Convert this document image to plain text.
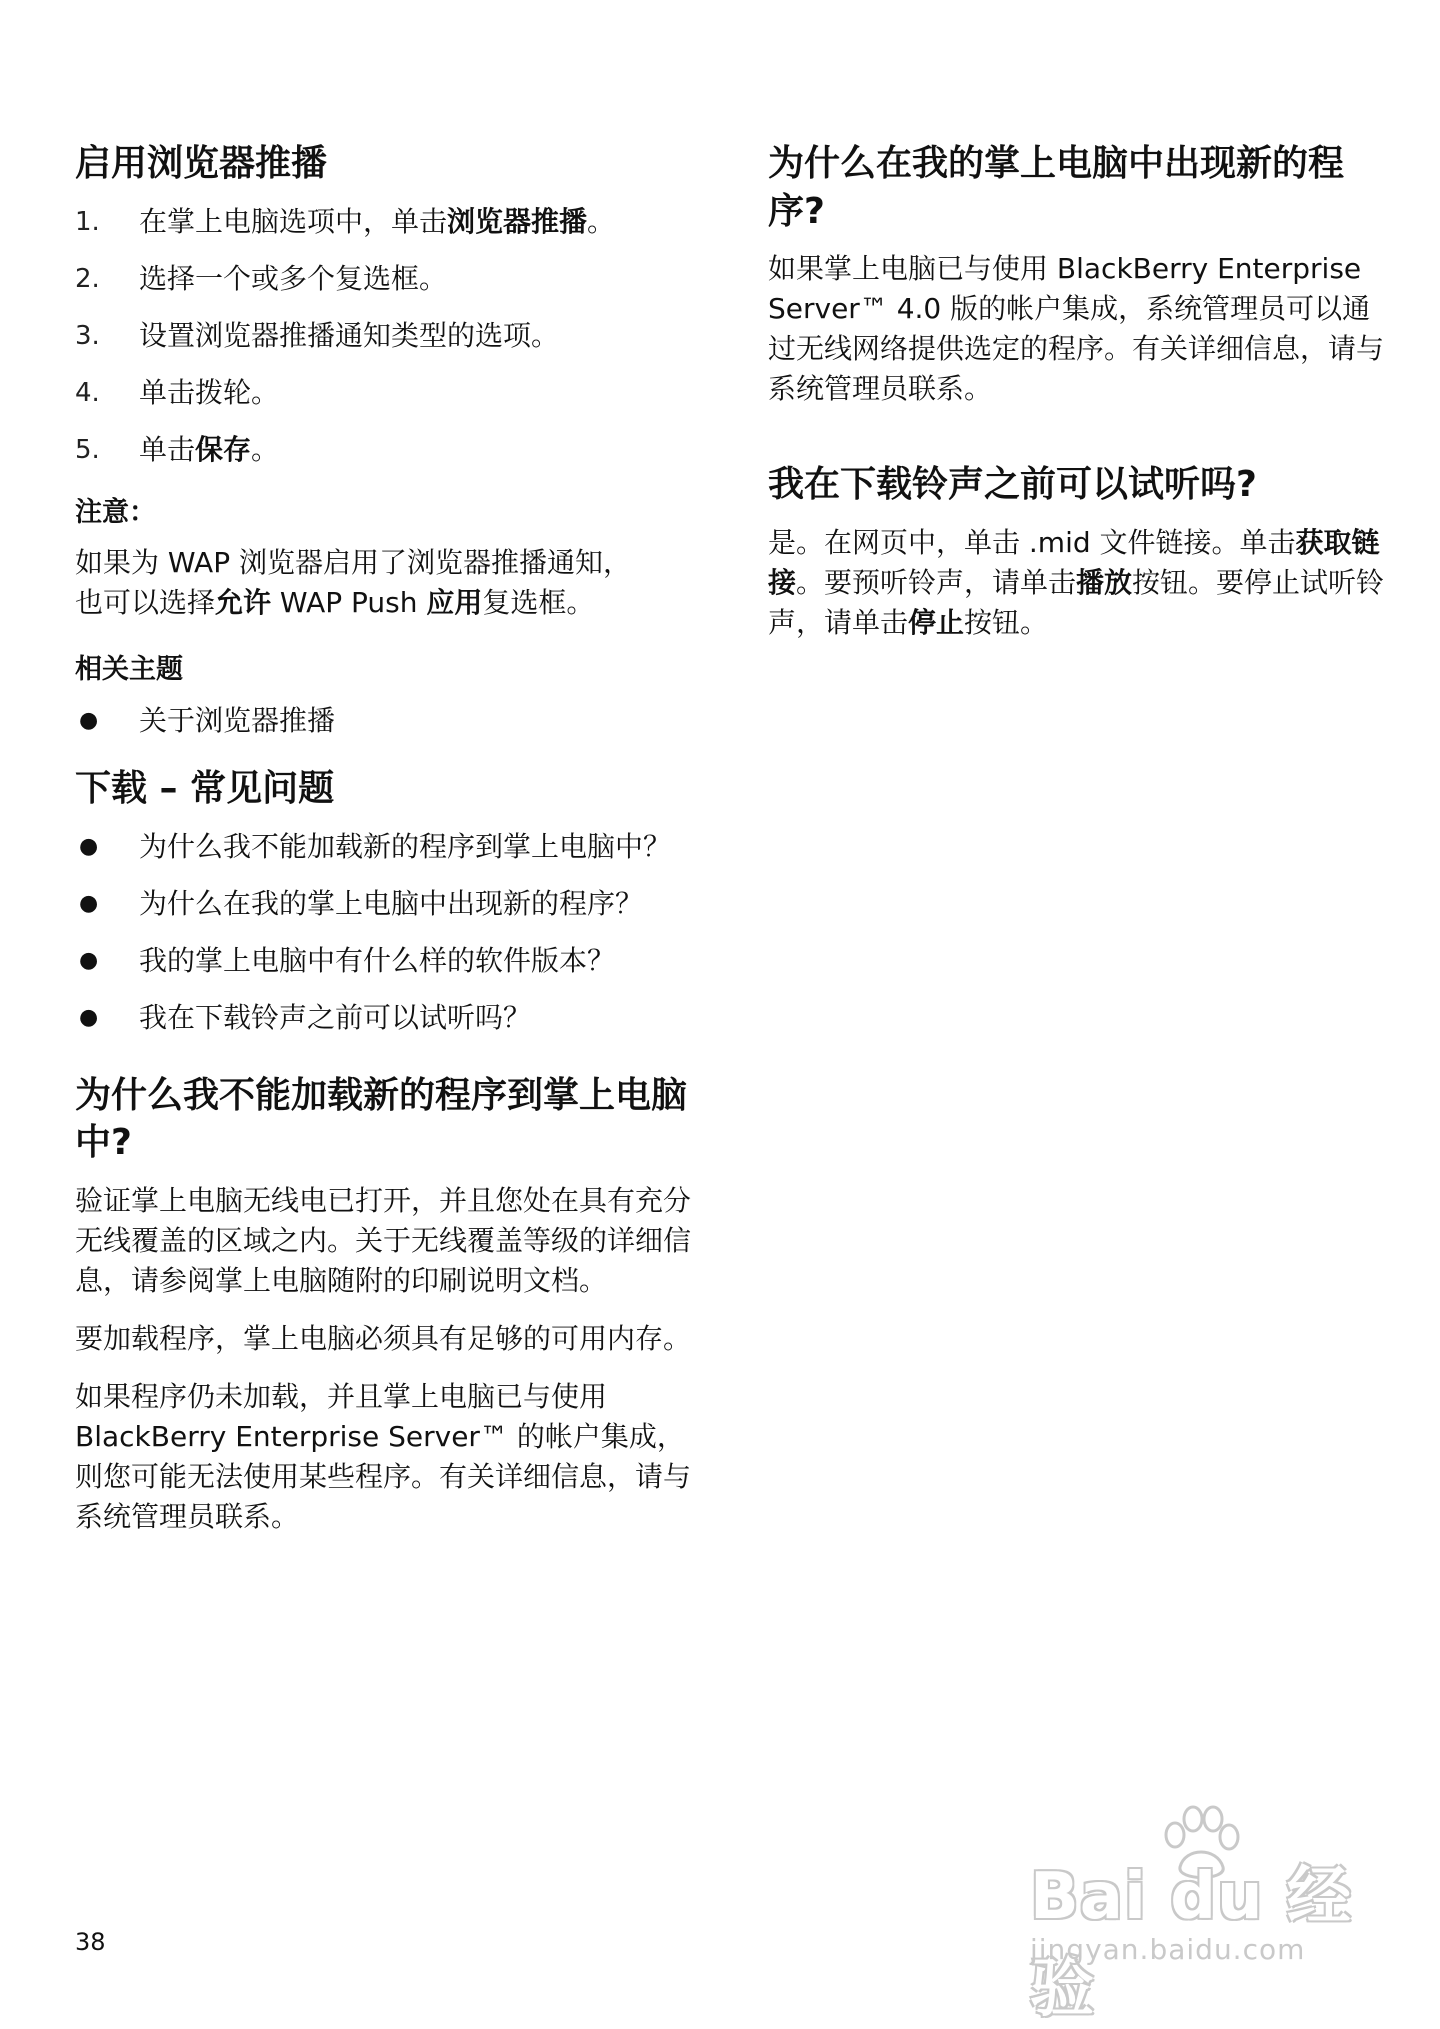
启用浏览器推播
1. 在掌上电脑选项中，单击浏览器推播。
2. 选择一个或多个复选框。
3. 设置浏览器推播通知类型的选项。
4. 单击拨轮。
5. 单击保存。
注意：

如果为 WAP 浏览器启用了浏览器推播通知，
也可以选择允许 WAP Push 应用复选框。

相关主题
● 关于浏览器推播
下载 – 常见问题
● 为什么我不能加载新的程序到掌上电脑中？
● 为什么在我的掌上电脑中出现新的程序？
● 我的掌上电脑中有什么样的软件版本？
● 我在下载铃声之前可以试听吗？
为什么我不能加载新的程序到掌上电脑中?

验证掌上电脑无线电已打开，并且您处在具有充分无线覆盖的区域之内。关于无线覆盖等级的详细信息，请参阅掌上电脑随附的印刷说明文档。

要加载程序，掌上电脑必须具有足够的可用内存。

如果程序仍未加载，并且掌上电脑已与使用 BlackBerry Enterprise Server™ 的帐户集成，则您可能无法使用某些程序。有关详细信息，请与系统管理员联系。

为什么在我的掌上电脑中出现新的程序?

如果掌上电脑已与使用 BlackBerry Enterprise Server™ 4.0 版的帐户集成，系统管理员可以通过无线网络提供选定的程序。有关详细信息，请与系统管理员联系。

我在下载铃声之前可以试听吗?

是。在网页中，单击 .mid 文件链接。单击获取链接。要预听铃声，请单击播放按钮。要停止试听铃声，请单击停止按钮。

38
Bai du 经验
jingyan.baidu.com
